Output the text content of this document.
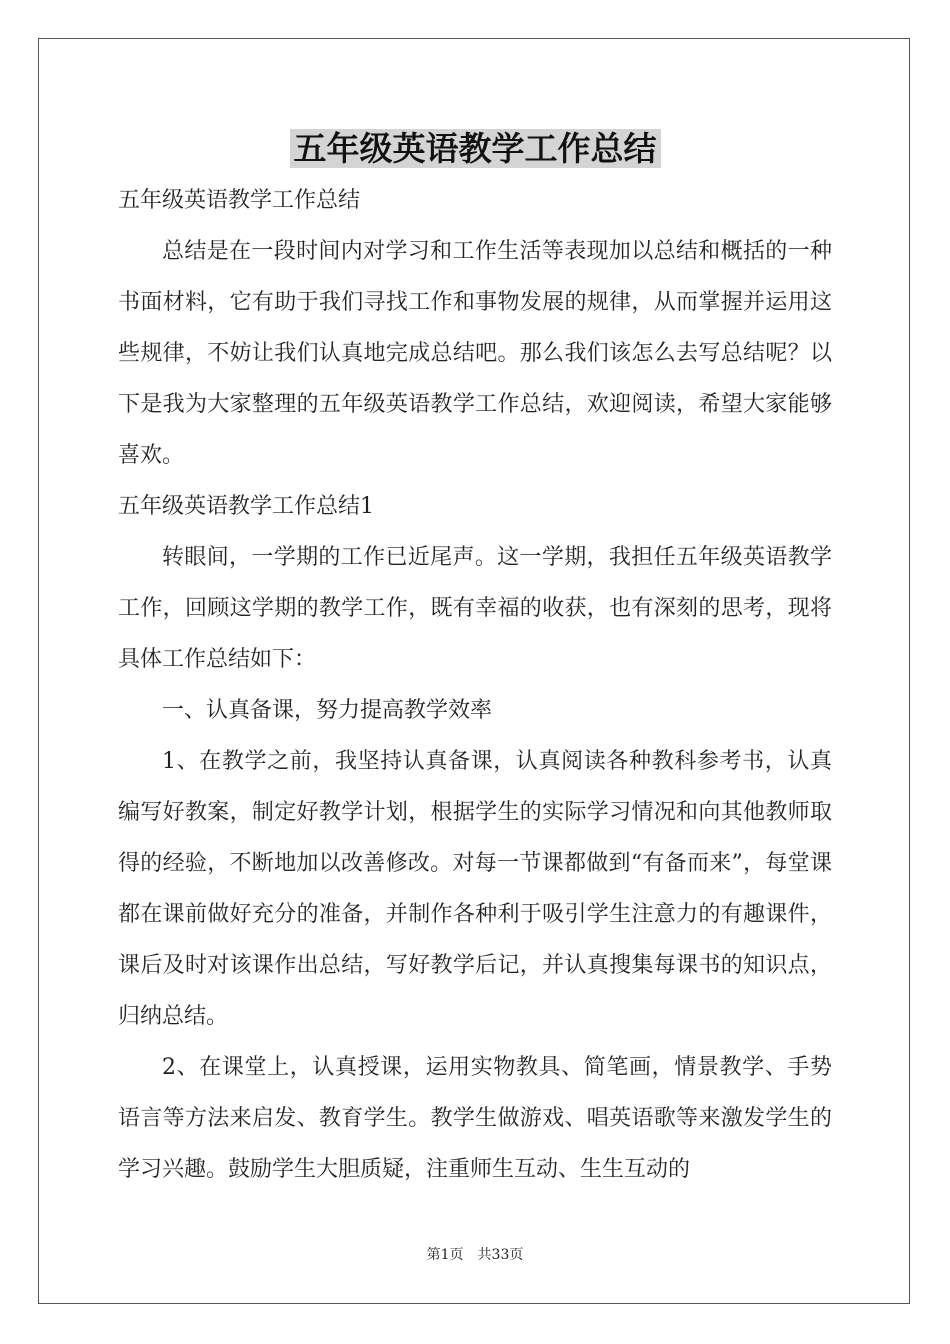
五年级英语教学工作总结

五年级英语教学工作总结

总结是在一段时间内对学习和工作生活等表现加以总结和概括的一种书面材料，它有助于我们寻找工作和事物发展的规律，从而掌握并运用这些规律，不妨让我们认真地完成总结吧。那么我们该怎么去写总结呢？以下是我为大家整理的五年级英语教学工作总结，欢迎阅读，希望大家能够喜欢。

五年级英语教学工作总结1

转眼间，一学期的工作已近尾声。这一学期，我担任五年级英语教学工作，回顾这学期的教学工作，既有幸福的收获，也有深刻的思考，现将具体工作总结如下：

一、认真备课，努力提高教学效率

1、在教学之前，我坚持认真备课，认真阅读各种教科参考书，认真编写好教案，制定好教学计划，根据学生的实际学习情况和向其他教师取得的经验，不断地加以改善修改。对每一节课都做到“有备而来”，每堂课都在课前做好充分的准备，并制作各种利于吸引学生注意力的有趣课件，课后及时对该课作出总结，写好教学后记，并认真搜集每课书的知识点，归纳总结。

2、在课堂上，认真授课，运用实物教具、简笔画，情景教学、手势语言等方法来启发、教育学生。教学生做游戏、唱英语歌等来激发学生的学习兴趣。鼓励学生大胆质疑，注重师生互动、生生互动的

第1页　共33页
